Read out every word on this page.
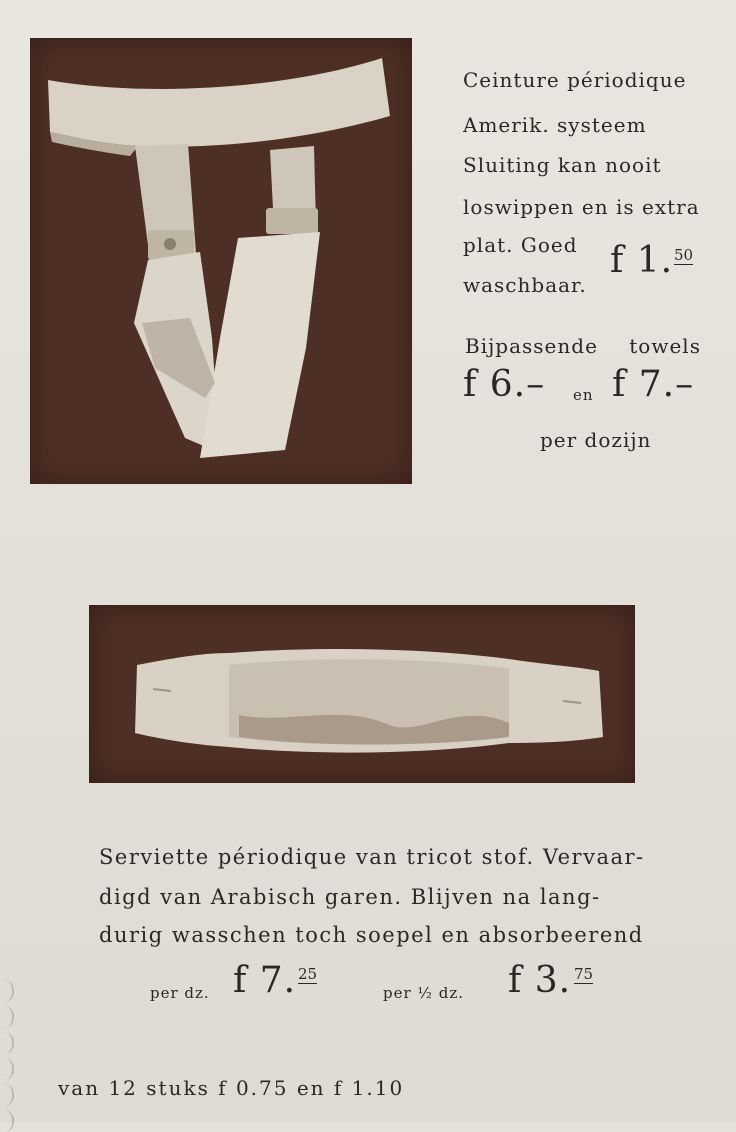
Ceinture périodique
Amerik. systeem
Sluiting kan nooit
loswippen en is extra
plat. Goed
waschbaar.
f 1. 50
Bijpassende towels
f 6.– en f 7.–
per dozijn
Serviette périodique van tricot stof. Vervaar-
digd van Arabisch garen. Blijven na lang-
durig wasschen toch soepel en absorbeerend
per dz. f 7. 25
per ½ dz. f 3. 75
van 12 stuks f 0.75 en f 1.10
